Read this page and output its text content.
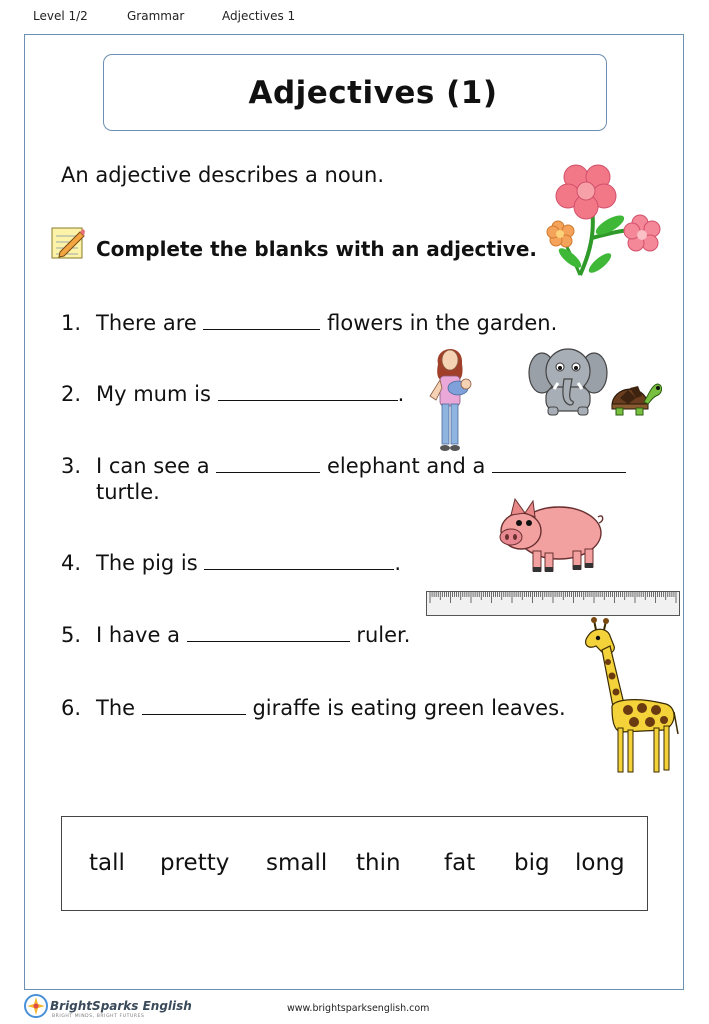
Level 1/2	Grammar	Adjectives 1
Adjectives (1)
An adjective describes a noun.
Complete the blanks with an adjective.
1. There are	flowers in the garden.
2. My mum is	.
3. I can see a	elephant and a
turtle.
4. The pig is	.
5. I have a	ruler.
6. The	giraffe is eating green leaves.
tall pretty small thin fat big long
BrightSparks English
BRIGHT MINDS, BRIGHT FUTURES
www.brightsparksenglish.com
